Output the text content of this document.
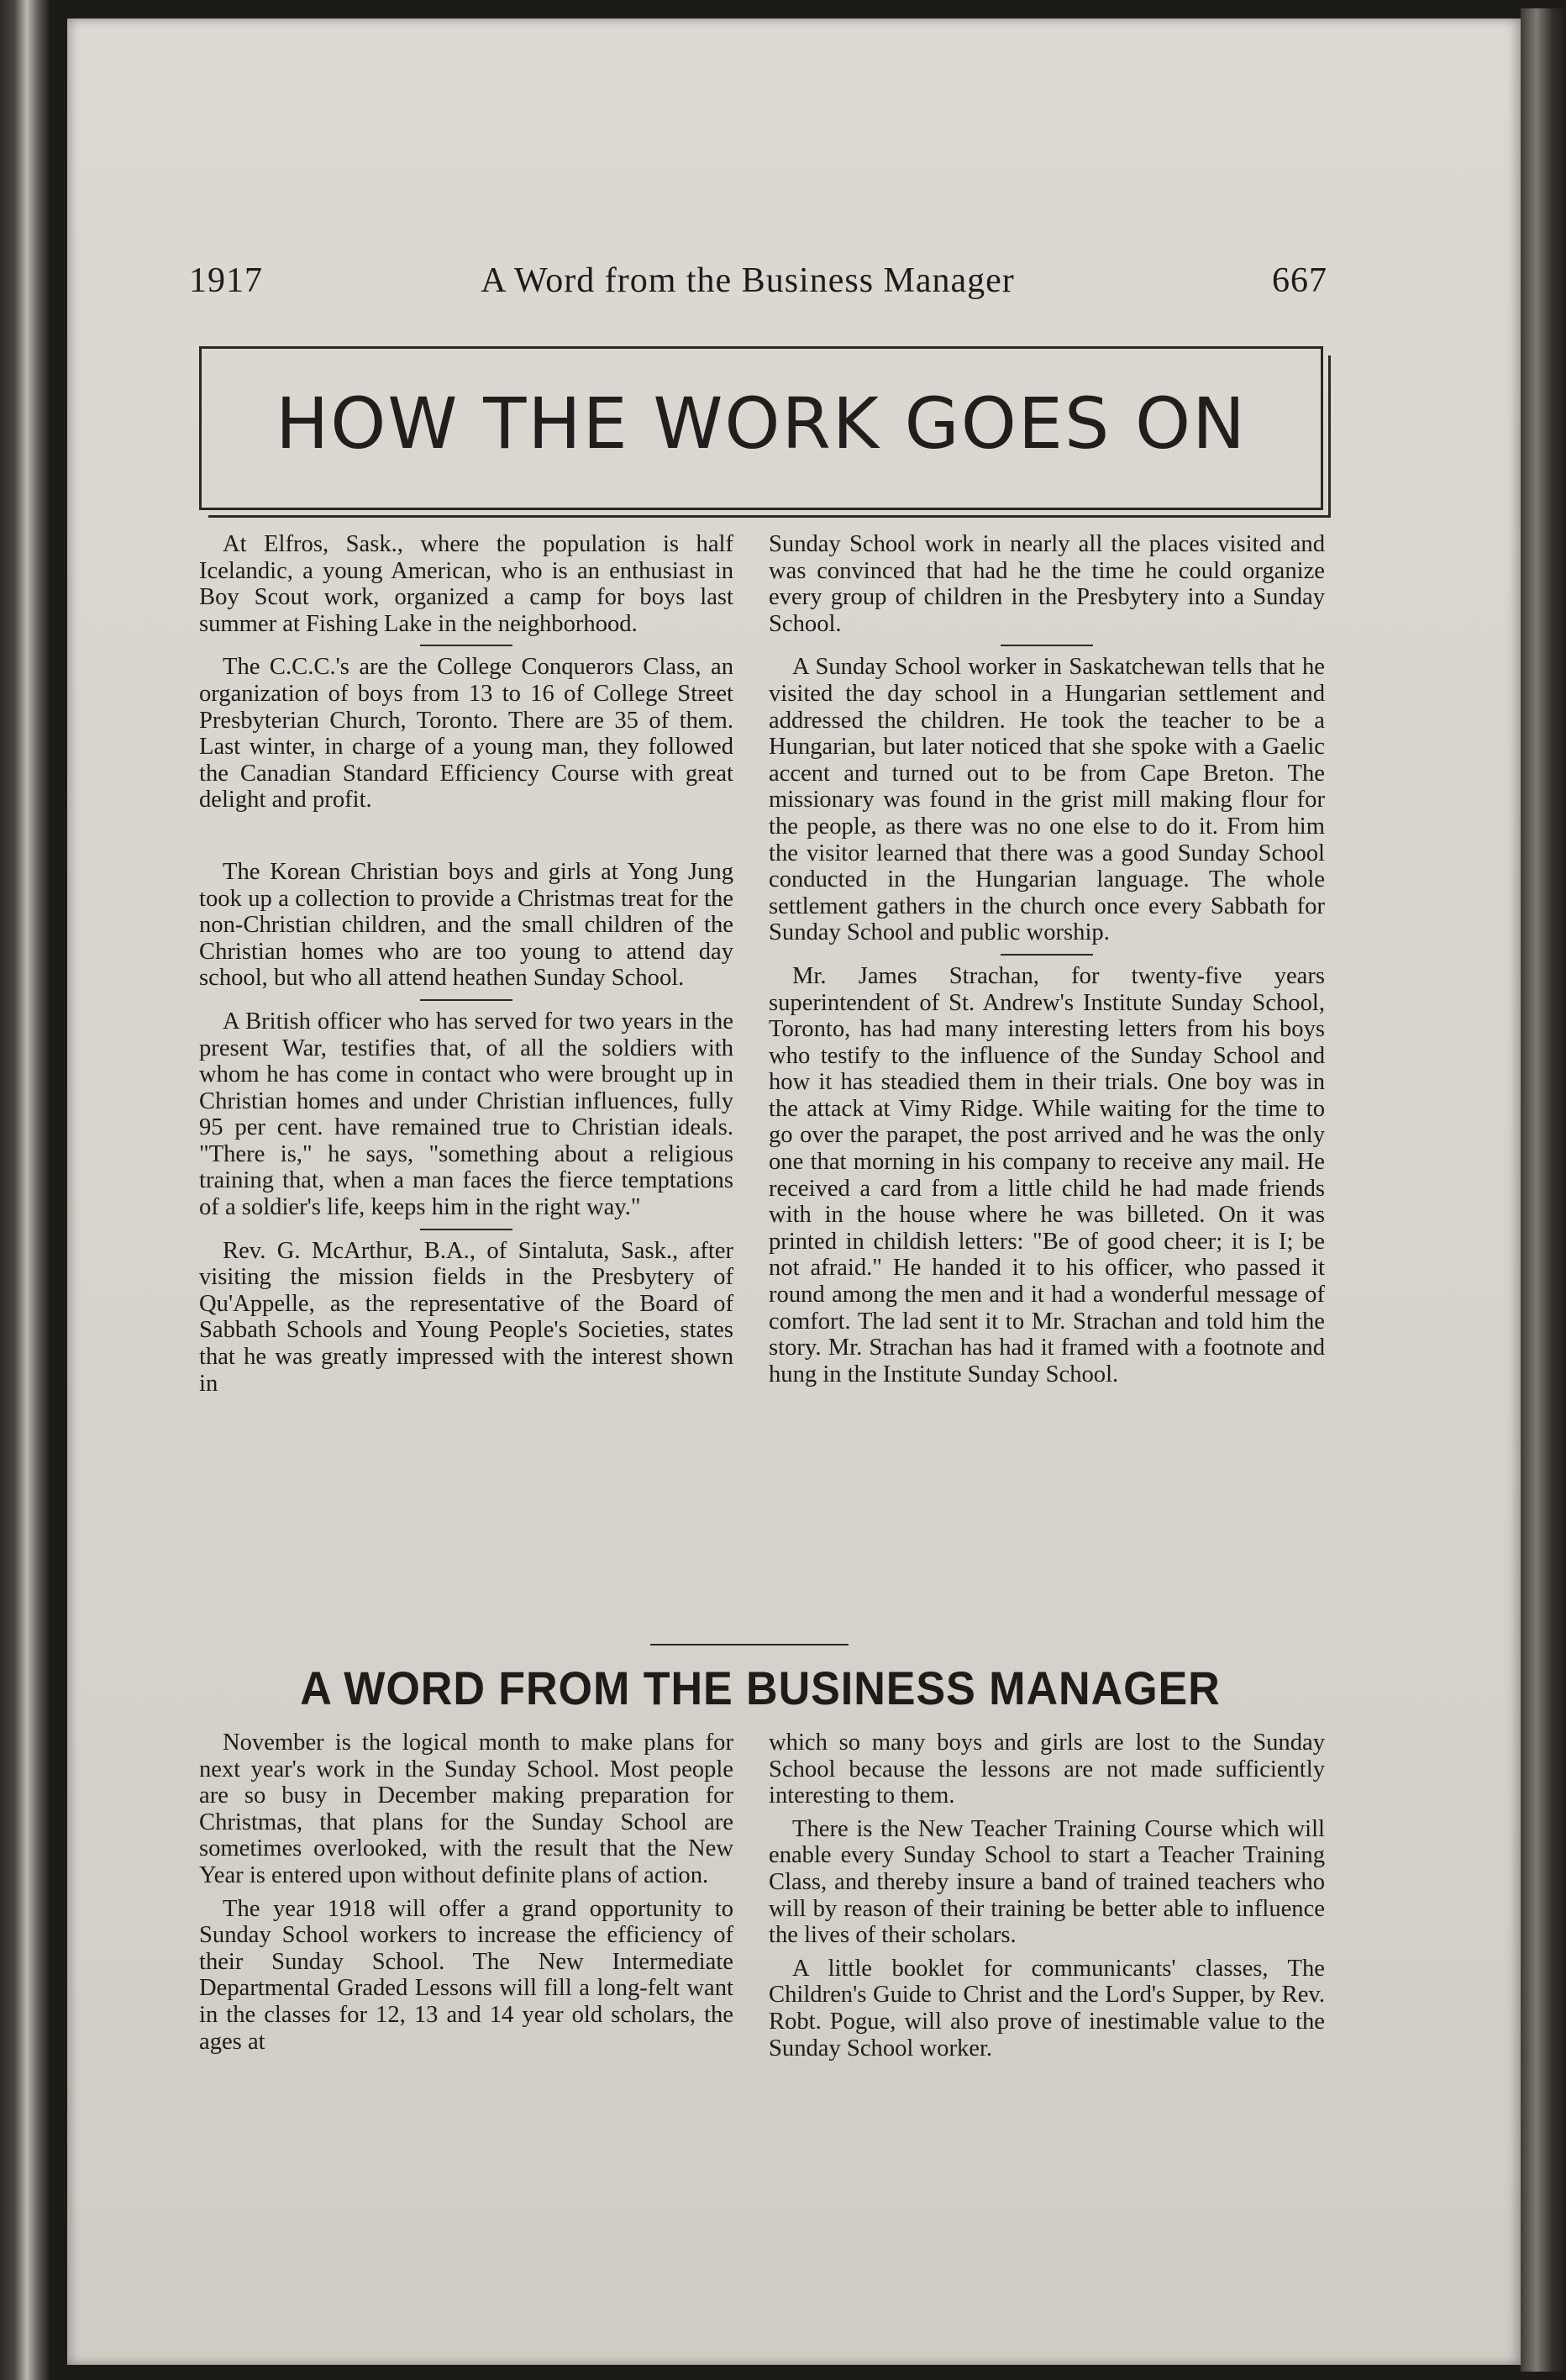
1917	A Word from the Business Manager	667
HOW THE WORK GOES ON

At Elfros, Sask., where the population is half Icelandic, a young American, who is an enthusiast in Boy Scout work, organized a camp for boys last summer at Fishing Lake in the neighborhood.

The C.C.C.'s are the College Conquerors Class, an organization of boys from 13 to 16 of College Street Presbyterian Church, Toronto. There are 35 of them. Last winter, in charge of a young man, they followed the Canadian Standard Efficiency Course with great delight and profit.

The Korean Christian boys and girls at Yong Jung took up a collection to provide a Christmas treat for the non-Christian children, and the small children of the Christian homes who are too young to attend day school, but who all attend heathen Sunday School.

A British officer who has served for two years in the present War, testifies that, of all the soldiers with whom he has come in contact who were brought up in Christian homes and under Christian influences, fully 95 per cent. have remained true to Christian ideals. "There is," he says, "something about a religious training that, when a man faces the fierce temptations of a soldier's life, keeps him in the right way."

Rev. G. McArthur, B.A., of Sintaluta, Sask., after visiting the mission fields in the Presbytery of Qu'Appelle, as the representative of the Board of Sabbath Schools and Young People's Societies, states that he was greatly impressed with the interest shown in

Sunday School work in nearly all the places visited and was convinced that had he the time he could organize every group of children in the Presbytery into a Sunday School.

A Sunday School worker in Saskatchewan tells that he visited the day school in a Hungarian settlement and addressed the children. He took the teacher to be a Hungarian, but later noticed that she spoke with a Gaelic accent and turned out to be from Cape Breton. The missionary was found in the grist mill making flour for the people, as there was no one else to do it. From him the visitor learned that there was a good Sunday School conducted in the Hungarian language. The whole settlement gathers in the church once every Sabbath for Sunday School and public worship.

Mr. James Strachan, for twenty-five years superintendent of St. Andrew's Institute Sunday School, Toronto, has had many interesting letters from his boys who testify to the influence of the Sunday School and how it has steadied them in their trials. One boy was in the attack at Vimy Ridge. While waiting for the time to go over the parapet, the post arrived and he was the only one that morning in his company to receive any mail. He received a card from a little child he had made friends with in the house where he was billeted. On it was printed in childish letters: "Be of good cheer; it is I; be not afraid." He handed it to his officer, who passed it round among the men and it had a wonderful message of comfort. The lad sent it to Mr. Strachan and told him the story. Mr. Strachan has had it framed with a footnote and hung in the Institute Sunday School.

A WORD FROM THE BUSINESS MANAGER

November is the logical month to make plans for next year's work in the Sunday School. Most people are so busy in December making preparation for Christmas, that plans for the Sunday School are sometimes overlooked, with the result that the New Year is entered upon without definite plans of action.

The year 1918 will offer a grand opportunity to Sunday School workers to increase the efficiency of their Sunday School. The New Intermediate Departmental Graded Lessons will fill a long-felt want in the classes for 12, 13 and 14 year old scholars, the ages at

which so many boys and girls are lost to the Sunday School because the lessons are not made sufficiently interesting to them.

There is the New Teacher Training Course which will enable every Sunday School to start a Teacher Training Class, and thereby insure a band of trained teachers who will by reason of their training be better able to influence the lives of their scholars.

A little booklet for communicants' classes, The Children's Guide to Christ and the Lord's Supper, by Rev. Robt. Pogue, will also prove of inestimable value to the Sunday School worker.
